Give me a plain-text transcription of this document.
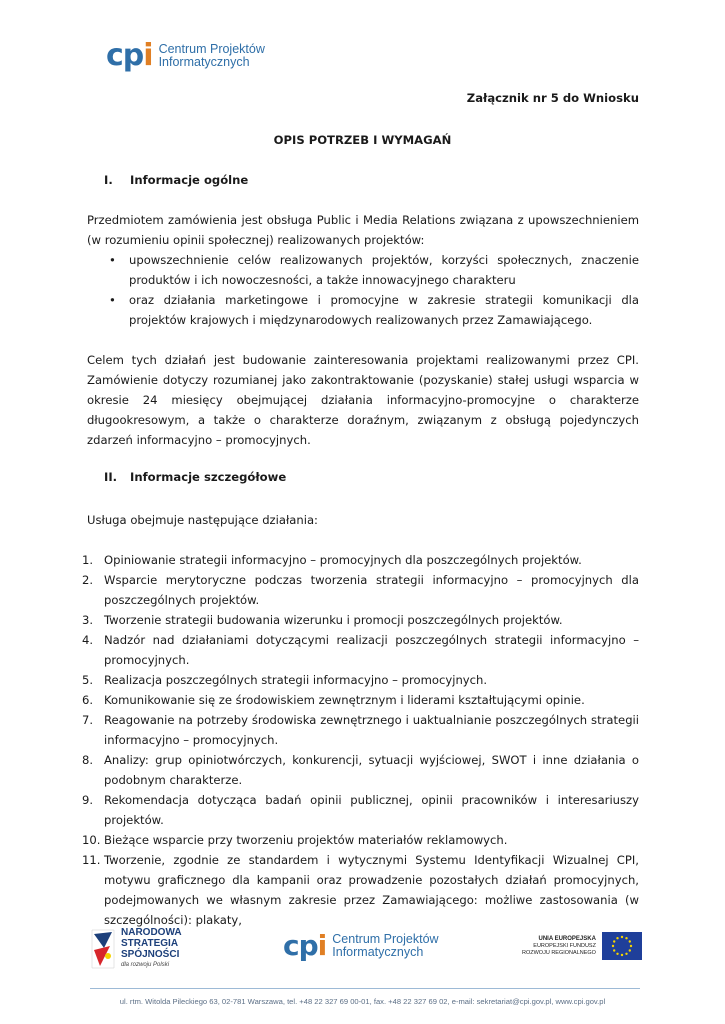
cpi Centrum Projektów
Informatycznych
Załącznik nr 5 do Wniosku
OPIS POTRZEB I WYMAGAŃ
I. Informacje ogólne

Przedmiotem zamówienia jest obsługa Public i Media Relations związana z upowszechnieniem (w rozumieniu opinii społecznej) realizowanych projektów:

• upowszechnienie celów realizowanych projektów, korzyści społecznych, znaczenie produktów i ich nowoczesności, a także innowacyjnego charakteru
• oraz działania marketingowe i promocyjne w zakresie strategii komunikacji dla projektów krajowych i międzynarodowych realizowanych przez Zamawiającego.
Celem tych działań jest budowanie zainteresowania projektami realizowanymi przez CPI. Zamówienie dotyczy rozumianej jako zakontraktowanie (pozyskanie) stałej usługi wsparcia w okresie 24 miesięcy obejmującej działania informacyjno-promocyjne o charakterze długookresowym, a także o charakterze doraźnym, związanym z obsługą pojedynczych zdarzeń informacyjno – promocyjnych.
II. Informacje szczegółowe
Usługa obejmuje następujące działania:
1. Opiniowanie strategii informacyjno – promocyjnych dla poszczególnych projektów.
2. Wsparcie merytoryczne podczas tworzenia strategii informacyjno – promocyjnych dla poszczególnych projektów.
3. Tworzenie strategii budowania wizerunku i promocji poszczególnych projektów.
4. Nadzór nad działaniami dotyczącymi realizacji poszczególnych strategii informacyjno – promocyjnych.
5. Realizacja poszczególnych strategii informacyjno – promocyjnych.
6. Komunikowanie się ze środowiskiem zewnętrznym i liderami kształtującymi opinie.
7. Reagowanie na potrzeby środowiska zewnętrznego i uaktualnianie poszczególnych strategii informacyjno – promocyjnych.
8. Analizy: grup opiniotwórczych, konkurencji, sytuacji wyjściowej, SWOT i inne działania o podobnym charakterze.
9. Rekomendacja dotycząca badań opinii publicznej, opinii pracowników i interesariuszy projektów.
10. Bieżące wsparcie przy tworzeniu projektów materiałów reklamowych.
11. Tworzenie, zgodnie ze standardem i wytycznymi Systemu Identyfikacji Wizualnej CPI, motywu graficznego dla kampanii oraz prowadzenie pozostałych działań promocyjnych, podejmowanych we własnym zakresie przez Zamawiającego: możliwe zastosowania (w szczególności): plakaty,
NARODOWA
STRATEGIA SPÓJNOŚCI
dla rozwoju Polski
cpi Centrum Projektów
Informatycznych
UNIA EUROPEJSKA
EUROPEJSKI FUNDUSZ
ROZWOJU REGIONALNEGO
ul. rtm. Witolda Pileckiego 63, 02-781 Warszawa, tel. +48 22 327 69 00-01, fax. +48 22 327 69 02, e-mail: sekretariat@cpi.gov.pl, www.cpi.gov.pl
